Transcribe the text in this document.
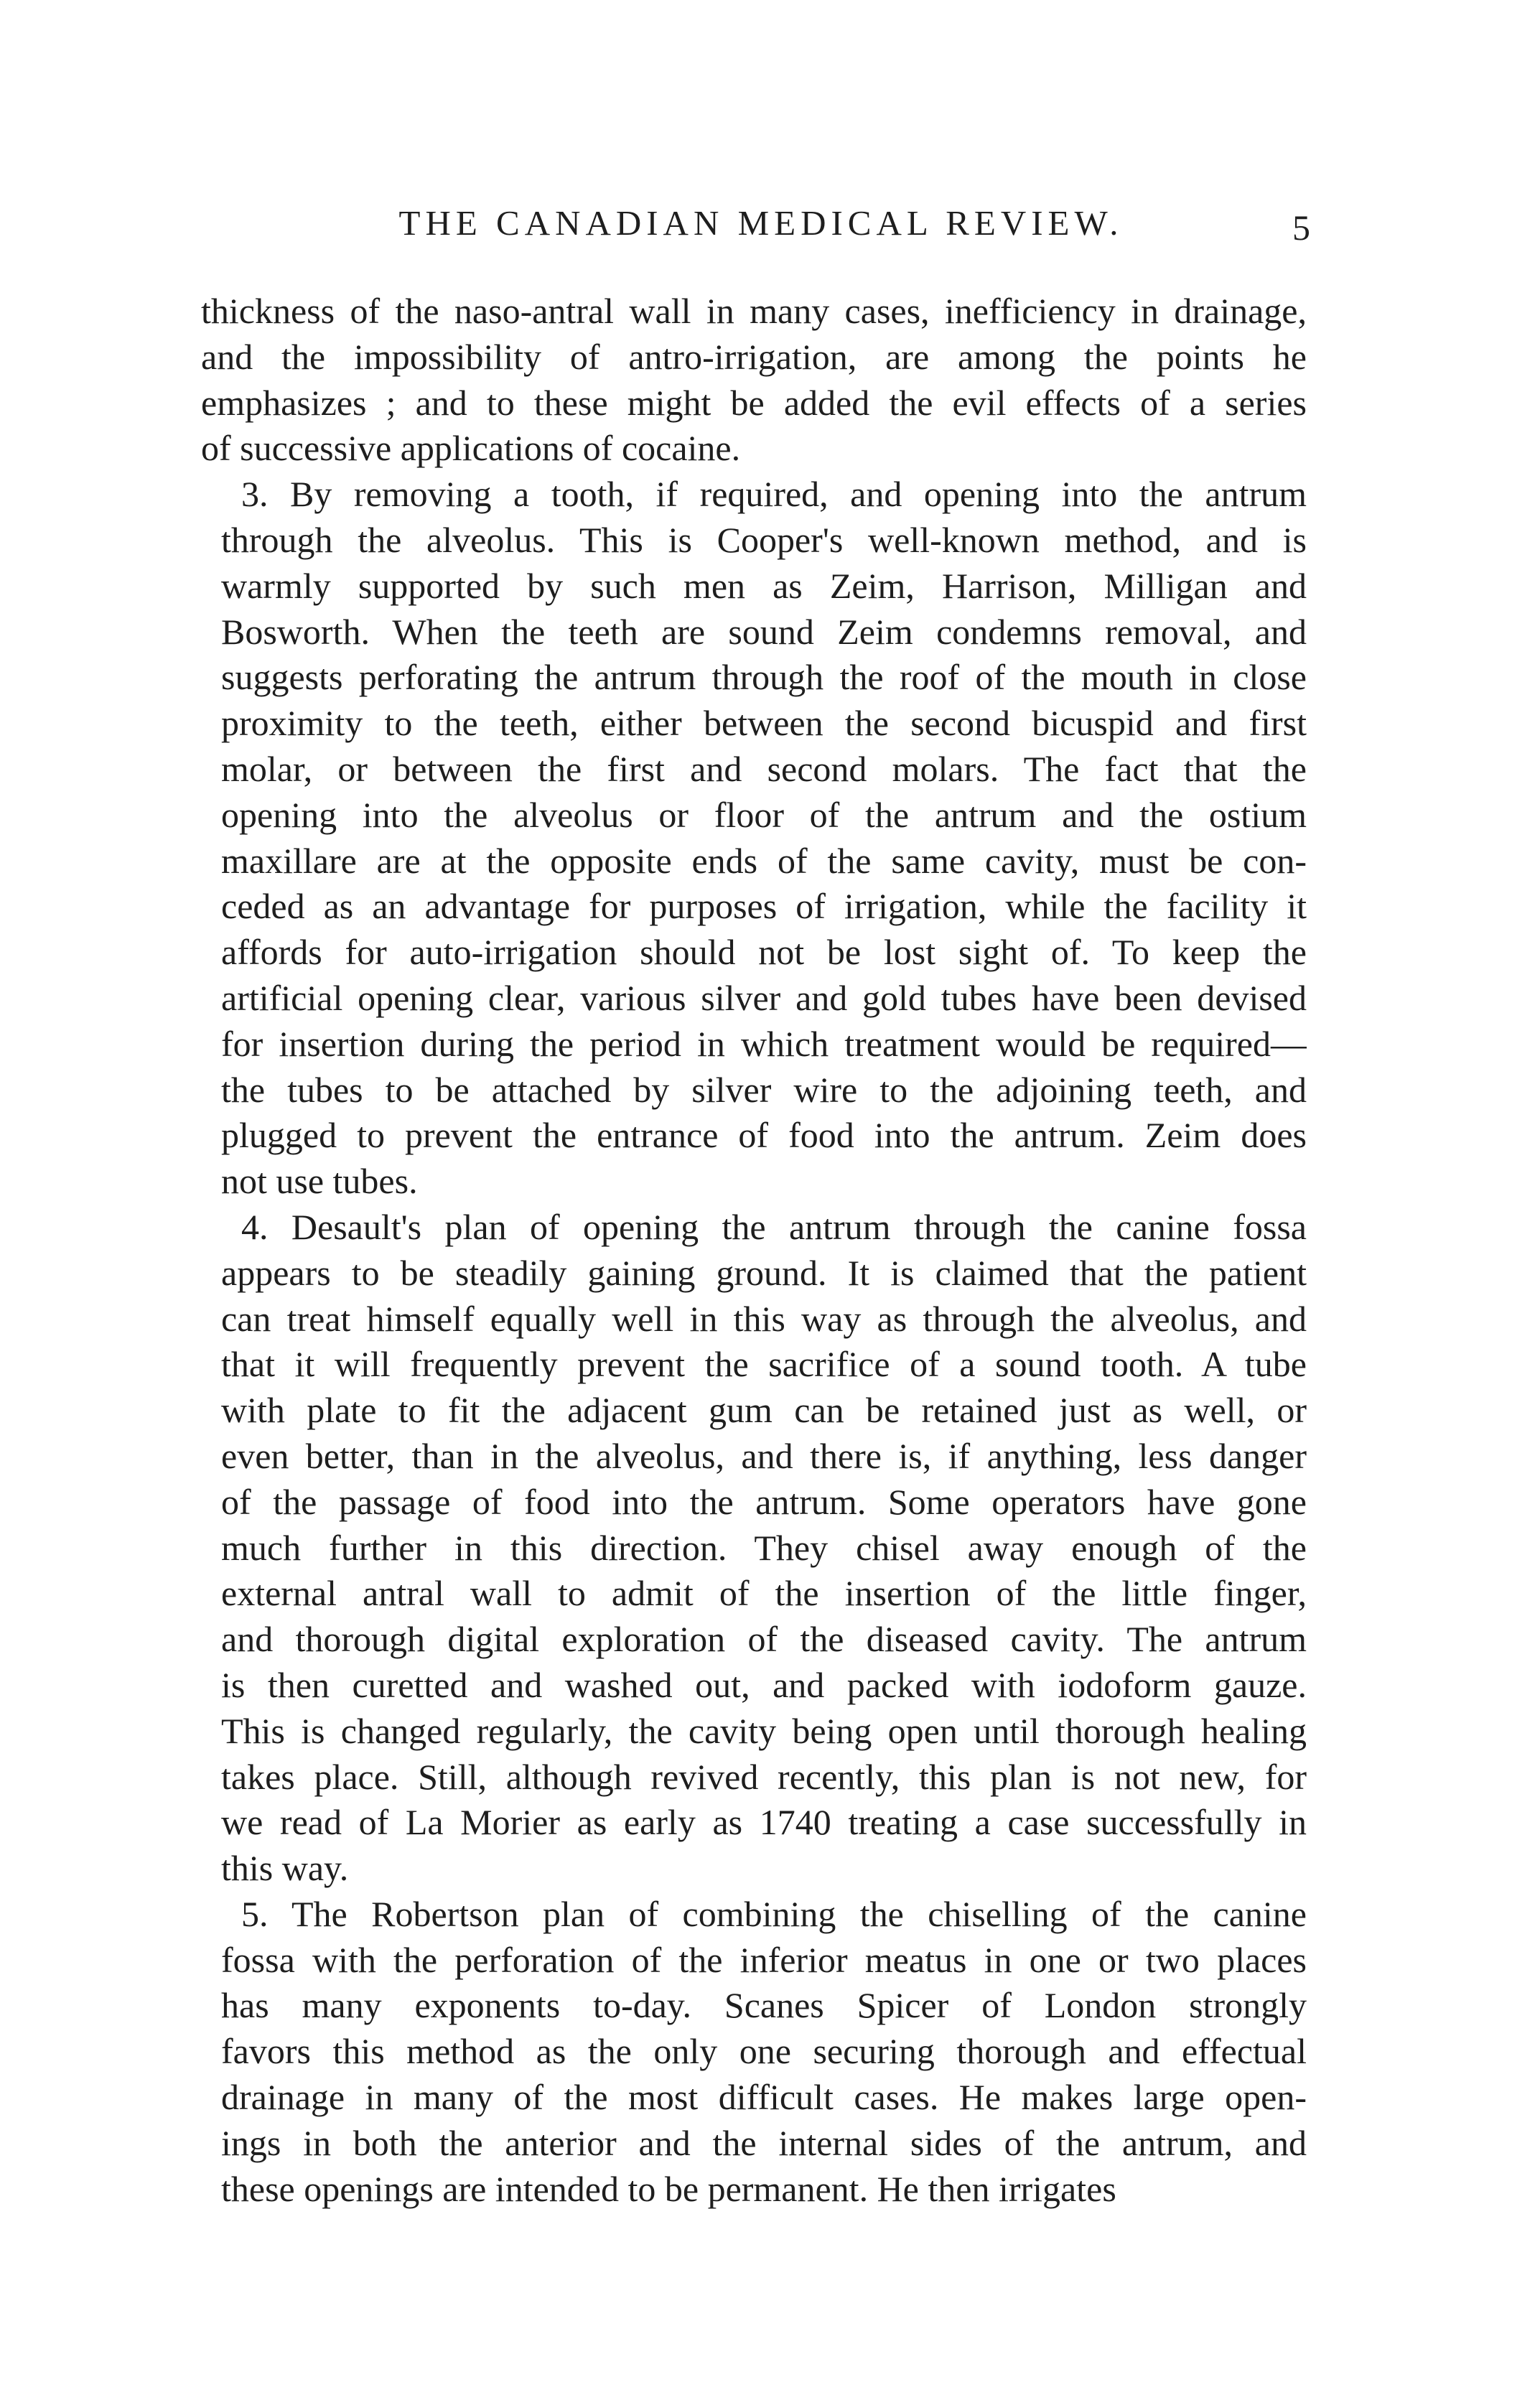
THE CANADIAN MEDICAL REVIEW.	5
thickness of the naso-antral wall in many cases, inefficiency in drainage,
and the impossibility of antro-irrigation, are among the points he
emphasizes ; and to these might be added the evil effects of a series
of successive applications of cocaine.
3. By removing a tooth, if required, and opening into the antrum
through the alveolus. This is Cooper's well-known method, and is
warmly supported by such men as Zeim, Harrison, Milligan and
Bosworth. When the teeth are sound Zeim condemns removal, and
suggests perforating the antrum through the roof of the mouth in close
proximity to the teeth, either between the second bicuspid and first
molar, or between the first and second molars. The fact that the
opening into the alveolus or floor of the antrum and the ostium
maxillare are at the opposite ends of the same cavity, must be con-
ceded as an advantage for purposes of irrigation, while the facility it
affords for auto-irrigation should not be lost sight of. To keep the
artificial opening clear, various silver and gold tubes have been devised
for insertion during the period in which treatment would be required—
the tubes to be attached by silver wire to the adjoining teeth, and
plugged to prevent the entrance of food into the antrum. Zeim does
not use tubes.
4. Desault's plan of opening the antrum through the canine fossa
appears to be steadily gaining ground. It is claimed that the patient
can treat himself equally well in this way as through the alveolus, and
that it will frequently prevent the sacrifice of a sound tooth. A tube
with plate to fit the adjacent gum can be retained just as well, or
even better, than in the alveolus, and there is, if anything, less danger
of the passage of food into the antrum. Some operators have gone
much further in this direction. They chisel away enough of the
external antral wall to admit of the insertion of the little finger,
and thorough digital exploration of the diseased cavity. The antrum
is then curetted and washed out, and packed with iodoform gauze.
This is changed regularly, the cavity being open until thorough healing
takes place. Still, although revived recently, this plan is not new, for
we read of La Morier as early as 1740 treating a case successfully in
this way.
5. The Robertson plan of combining the chiselling of the canine
fossa with the perforation of the inferior meatus in one or two places
has many exponents to-day. Scanes Spicer of London strongly
favors this method as the only one securing thorough and effectual
drainage in many of the most difficult cases. He makes large open-
ings in both the anterior and the internal sides of the antrum, and
these openings are intended to be permanent. He then irrigates
